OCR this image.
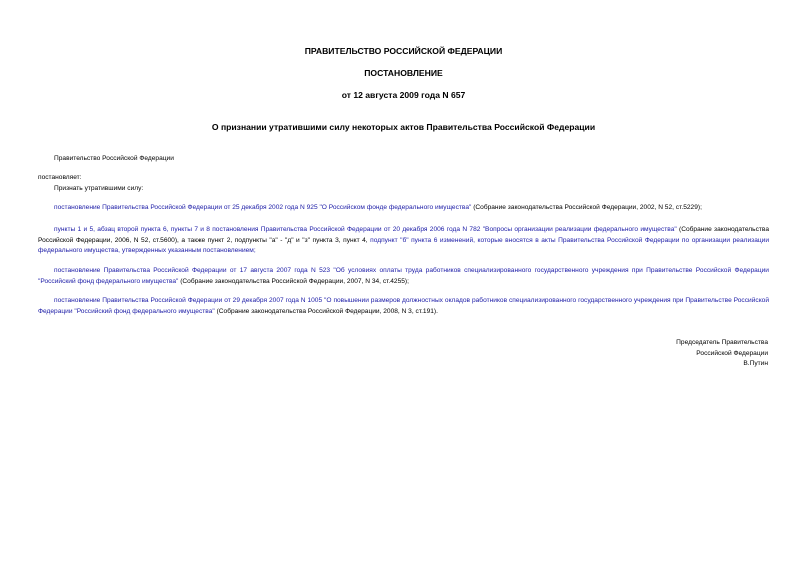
ПРАВИТЕЛЬСТВО РОССИЙСКОЙ ФЕДЕРАЦИИ
ПОСТАНОВЛЕНИЕ
от 12 августа 2009 года N 657
О признании утратившими силу некоторых актов Правительства Российской Федерации
Правительство Российской Федерации
постановляет:
Признать утратившими силу:
постановление Правительства Российской Федерации от 25 декабря 2002 года N 925 "О Российском фонде федерального имущества" (Собрание законодательства Российской Федерации, 2002, N 52, ст.5229);
пункты 1 и 5, абзац второй пункта 6, пункты 7 и 8 постановления Правительства Российской Федерации от 20 декабря 2006 года N 782 "Вопросы организации реализации федерального имущества" (Собрание законодательства Российской Федерации, 2006, N 52, ст.5600), а также пункт 2, подпункты "а" - "д" и "з" пункта 3, пункт 4, подпункт "б" пункта 6 изменений, которые вносятся в акты Правительства Российской Федерации по организации реализации федерального имущества, утвержденных указанным постановлением;
постановление Правительства Российской Федерации от 17 августа 2007 года N 523 "Об условиях оплаты труда работников специализированного государственного учреждения при Правительстве Российской Федерации "Российский фонд федерального имущества" (Собрание законодательства Российской Федерации, 2007, N 34, ст.4255);
постановление Правительства Российской Федерации от 29 декабря 2007 года N 1005 "О повышении размеров должностных окладов работников специализированного государственного учреждения при Правительстве Российской Федерации "Российский фонд федерального имущества" (Собрание законодательства Российской Федерации, 2008, N 3, ст.191).
Председатель Правительства
Российской Федерации
В.Путин
